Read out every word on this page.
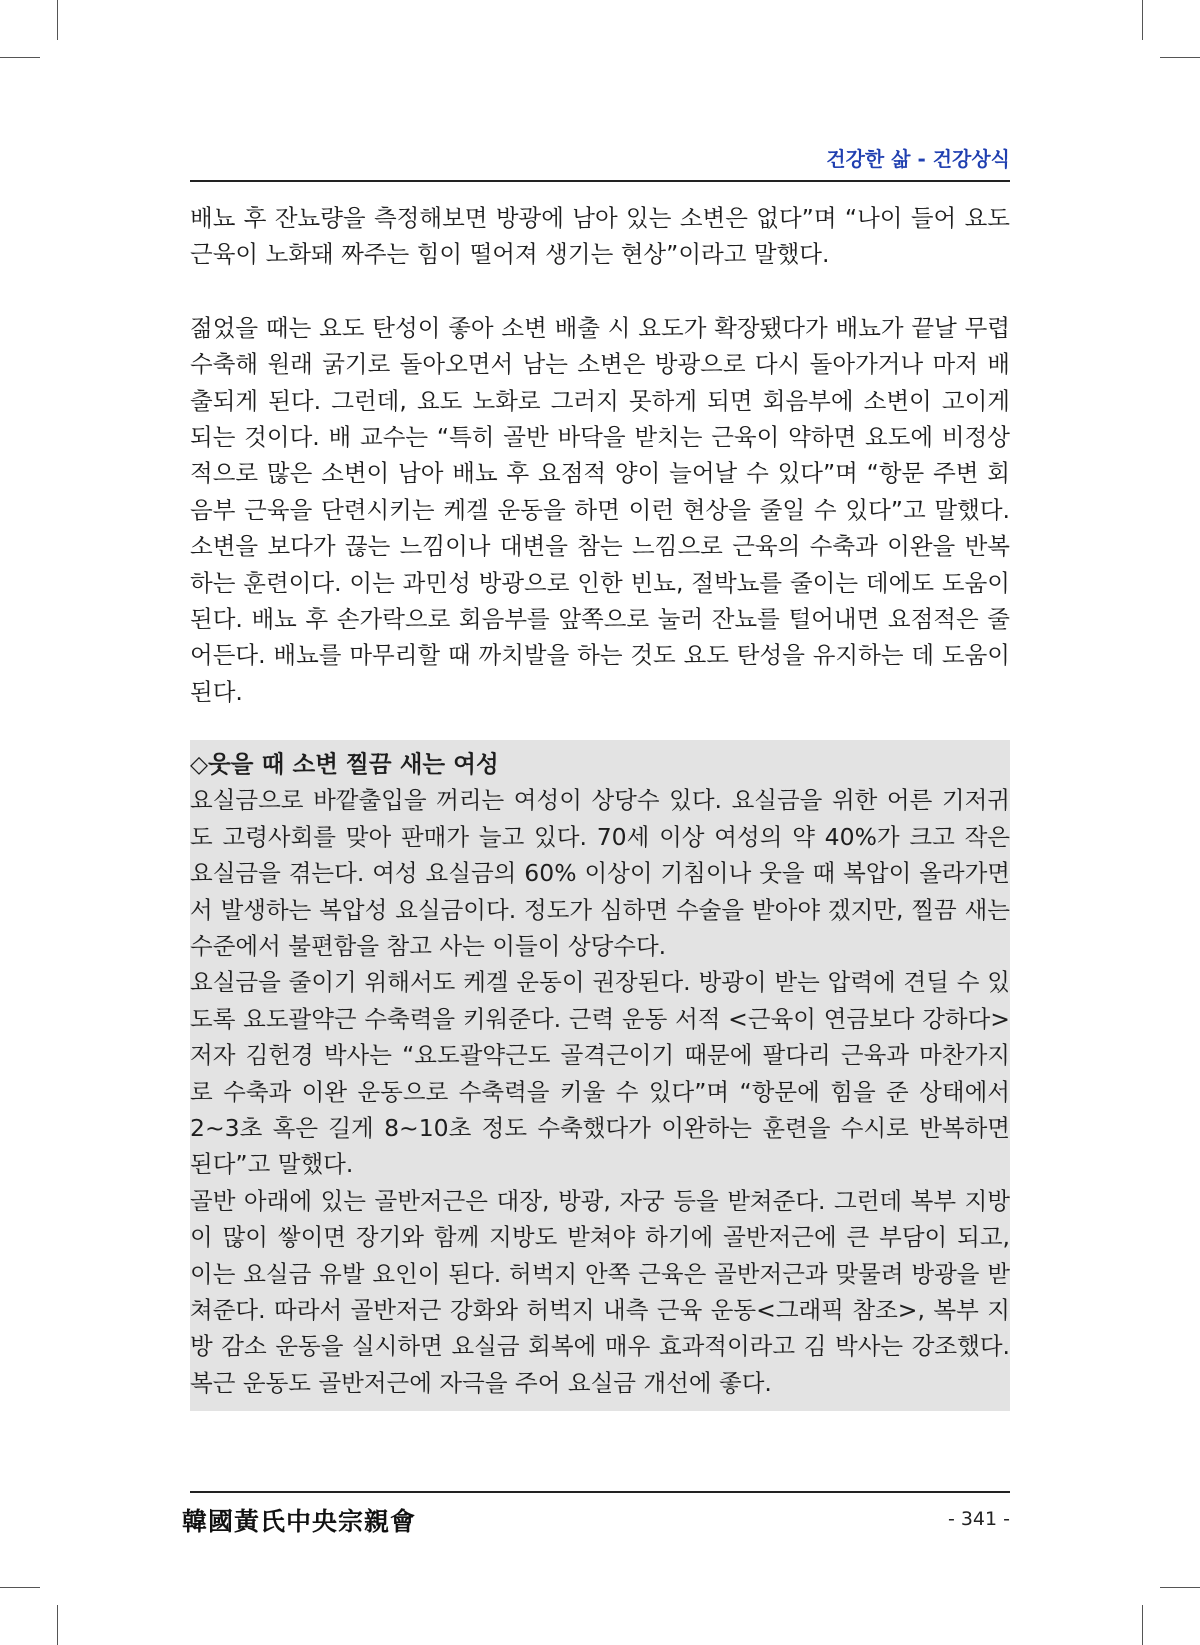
건강한 삶 - 건강상식

배뇨 후 잔뇨량을 측정해보면 방광에 남아 있는 소변은 없다”며 “나이 들어 요도 근육이 노화돼 짜주는 힘이 떨어져 생기는 현상”이라고 말했다.

젊었을 때는 요도 탄성이 좋아 소변 배출 시 요도가 확장됐다가 배뇨가 끝날 무렵 수축해 원래 굵기로 돌아오면서 남는 소변은 방광으로 다시 돌아가거나 마저 배출되게 된다. 그런데, 요도 노화로 그러지 못하게 되면 회음부에 소변이 고이게 되는 것이다. 배 교수는 “특히 골반 바닥을 받치는 근육이 약하면 요도에 비정상적으로 많은 소변이 남아 배뇨 후 요점적 양이 늘어날 수 있다”며 “항문 주변 회음부 근육을 단련시키는 케겔 운동을 하면 이런 현상을 줄일 수 있다”고 말했다. 소변을 보다가 끊는 느낌이나 대변을 참는 느낌으로 근육의 수축과 이완을 반복하는 훈련이다. 이는 과민성 방광으로 인한 빈뇨, 절박뇨를 줄이는 데에도 도움이 된다. 배뇨 후 손가락으로 회음부를 앞쪽으로 눌러 잔뇨를 털어내면 요점적은 줄어든다. 배뇨를 마무리할 때 까치발을 하는 것도 요도 탄성을 유지하는 데 도움이 된다.

◇웃을 때 소변 찔끔 새는 여성

요실금으로 바깥출입을 꺼리는 여성이 상당수 있다. 요실금을 위한 어른 기저귀도 고령사회를 맞아 판매가 늘고 있다. 70세 이상 여성의 약 40%가 크고 작은 요실금을 겪는다. 여성 요실금의 60% 이상이 기침이나 웃을 때 복압이 올라가면서 발생하는 복압성 요실금이다. 정도가 심하면 수술을 받아야 겠지만, 찔끔 새는 수준에서 불편함을 참고 사는 이들이 상당수다.

요실금을 줄이기 위해서도 케겔 운동이 권장된다. 방광이 받는 압력에 견딜 수 있도록 요도괄약근 수축력을 키워준다. 근력 운동 서적 <근육이 연금보다 강하다> 저자 김헌경 박사는 “요도괄약근도 골격근이기 때문에 팔다리 근육과 마찬가지로 수축과 이완 운동으로 수축력을 키울 수 있다”며 “항문에 힘을 준 상태에서 2~3초 혹은 길게 8~10초 정도 수축했다가 이완하는 훈련을 수시로 반복하면 된다”고 말했다.

골반 아래에 있는 골반저근은 대장, 방광, 자궁 등을 받쳐준다. 그런데 복부 지방이 많이 쌓이면 장기와 함께 지방도 받쳐야 하기에 골반저근에 큰 부담이 되고, 이는 요실금 유발 요인이 된다. 허벅지 안쪽 근육은 골반저근과 맞물려 방광을 받쳐준다. 따라서 골반저근 강화와 허벅지 내측 근육 운동<그래픽 참조>, 복부 지방 감소 운동을 실시하면 요실금 회복에 매우 효과적이라고 김 박사는 강조했다. 복근 운동도 골반저근에 자극을 주어 요실금 개선에 좋다.

韓國黃氏中央宗親會	- 341 -
